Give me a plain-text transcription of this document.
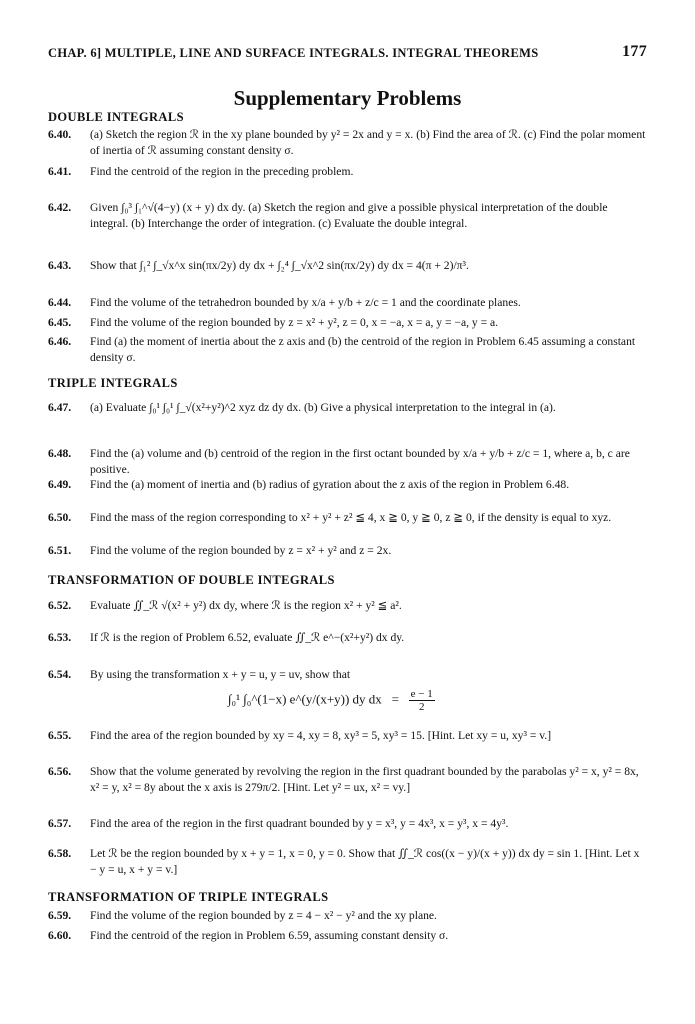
CHAP. 6] MULTIPLE, LINE AND SURFACE INTEGRALS. INTEGRAL THEOREMS	177
Supplementary Problems
DOUBLE INTEGRALS
TRIPLE INTEGRALS
TRANSFORMATION OF DOUBLE INTEGRALS
TRANSFORMATION OF TRIPLE INTEGRALS
6.40. (a) Sketch the region ℛ in the xy plane bounded by y² = 2x and y = x. (b) Find the area of ℛ. (c) Find the polar moment of inertia of ℛ assuming constant density σ.
6.41. Find the centroid of the region in the preceding problem.
6.42. Given ∫₀³ ∫₁^√(4−y) (x + y) dx dy. (a) Sketch the region and give a possible physical interpretation of the double integral. (b) Interchange the order of integration. (c) Evaluate the double integral.
6.43. Show that ∫₁² ∫_√x^x sin(πx/2y) dy dx + ∫₂⁴ ∫_√x^2 sin(πx/2y) dy dx = 4(π + 2)/π³.
6.44. Find the volume of the tetrahedron bounded by x/a + y/b + z/c = 1 and the coordinate planes.
6.45. Find the volume of the region bounded by z = x² + y², z = 0, x = −a, x = a, y = −a, y = a.
6.46. Find (a) the moment of inertia about the z axis and (b) the centroid of the region in Problem 6.45 assuming a constant density σ.
6.47. (a) Evaluate ∫₀¹ ∫₀¹ ∫_√(x²+y²)^2 xyz dz dy dx. (b) Give a physical interpretation to the integral in (a).
6.48. Find the (a) volume and (b) centroid of the region in the first octant bounded by x/a + y/b + z/c = 1, where a, b, c are positive.
6.49. Find the (a) moment of inertia and (b) radius of gyration about the z axis of the region in Problem 6.48.
6.50. Find the mass of the region corresponding to x² + y² + z² ≦ 4, x ≧ 0, y ≧ 0, z ≧ 0, if the density is equal to xyz.
6.51. Find the volume of the region bounded by z = x² + y² and z = 2x.
6.52. Evaluate ∬_ℛ √(x² + y²) dx dy, where ℛ is the region x² + y² ≦ a².
6.53. If ℛ is the region of Problem 6.52, evaluate ∬_ℛ e^−(x²+y²) dx dy.
6.54. By using the transformation x + y = u, y = uv, show that
∫₀¹ ∫₀^(1−x) e^(y/(x+y)) dy dx = $\frac{e - 1}{2}$
6.55. Find the area of the region bounded by xy = 4, xy = 8, xy³ = 5, xy³ = 15. [Hint. Let xy = u, xy³ = v.]
6.56. Show that the volume generated by revolving the region in the first quadrant bounded by the parabolas y² = x, y² = 8x, x² = y, x² = 8y about the x axis is 279π/2. [Hint. Let y² = ux, x² = vy.]
6.57. Find the area of the region in the first quadrant bounded by y = x³, y = 4x³, x = y³, x = 4y³.
6.58. Let ℛ be the region bounded by x + y = 1, x = 0, y = 0. Show that ∬_ℛ cos((x − y)/(x + y)) dx dy = sin 1. [Hint. Let x − y = u, x + y = v.]
6.59. Find the volume of the region bounded by z = 4 − x² − y² and the xy plane.
6.60. Find the centroid of the region in Problem 6.59, assuming constant density σ.
